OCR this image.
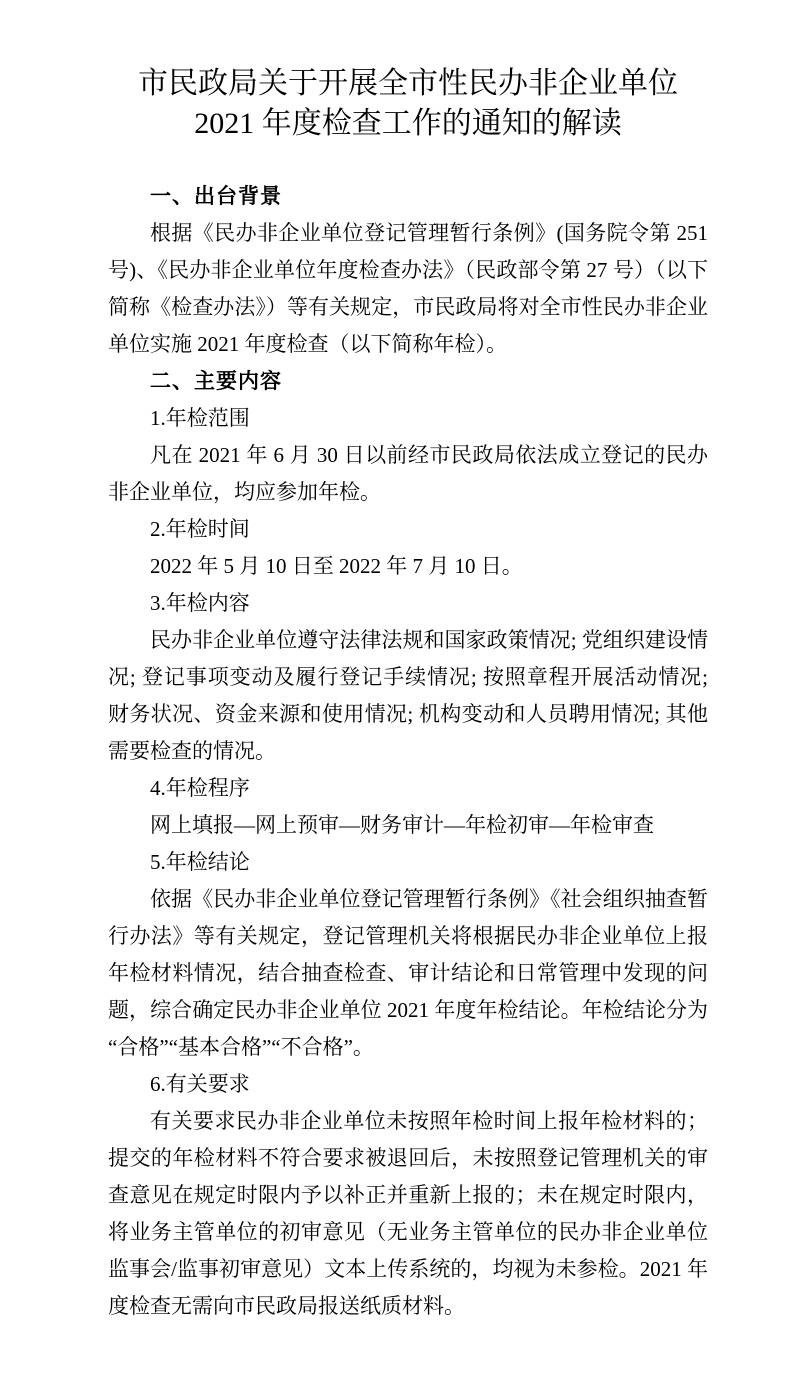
市民政局关于开展全市性民办非企业单位
2021 年度检查工作的通知的解读
一、出台背景

根据《民办非企业单位登记管理暂行条例》(国务院令第 251 号)、《民办非企业单位年度检查办法》（民政部令第 27 号）（以下简称《检查办法》）等有关规定，市民政局将对全市性民办非企业单位实施 2021 年度检查（以下简称年检）。

二、主要内容
1.年检范围

凡在 2021 年 6 月 30 日以前经市民政局依法成立登记的民办非企业单位，均应参加年检。

2.年检时间

2022 年 5 月 10 日至 2022 年 7 月 10 日。

3.年检内容

民办非企业单位遵守法律法规和国家政策情况; 党组织建设情况; 登记事项变动及履行登记手续情况; 按照章程开展活动情况; 财务状况、资金来源和使用情况; 机构变动和人员聘用情况; 其他需要检查的情况。

4.年检程序

网上填报—网上预审—财务审计—年检初审—年检审查

5.年检结论

依据《民办非企业单位登记管理暂行条例》《社会组织抽查暂行办法》等有关规定，登记管理机关将根据民办非企业单位上报年检材料情况，结合抽查检查、审计结论和日常管理中发现的问题，综合确定民办非企业单位 2021 年度年检结论。年检结论分为“合格”“基本合格”“不合格”。

6.有关要求

有关要求民办非企业单位未按照年检时间上报年检材料的；提交的年检材料不符合要求被退回后，未按照登记管理机关的审查意见在规定时限内予以补正并重新上报的；未在规定时限内，将业务主管单位的初审意见（无业务主管单位的民办非企业单位监事会/监事初审意见）文本上传系统的，均视为未参检。2021 年度检查无需向市民政局报送纸质材料。
